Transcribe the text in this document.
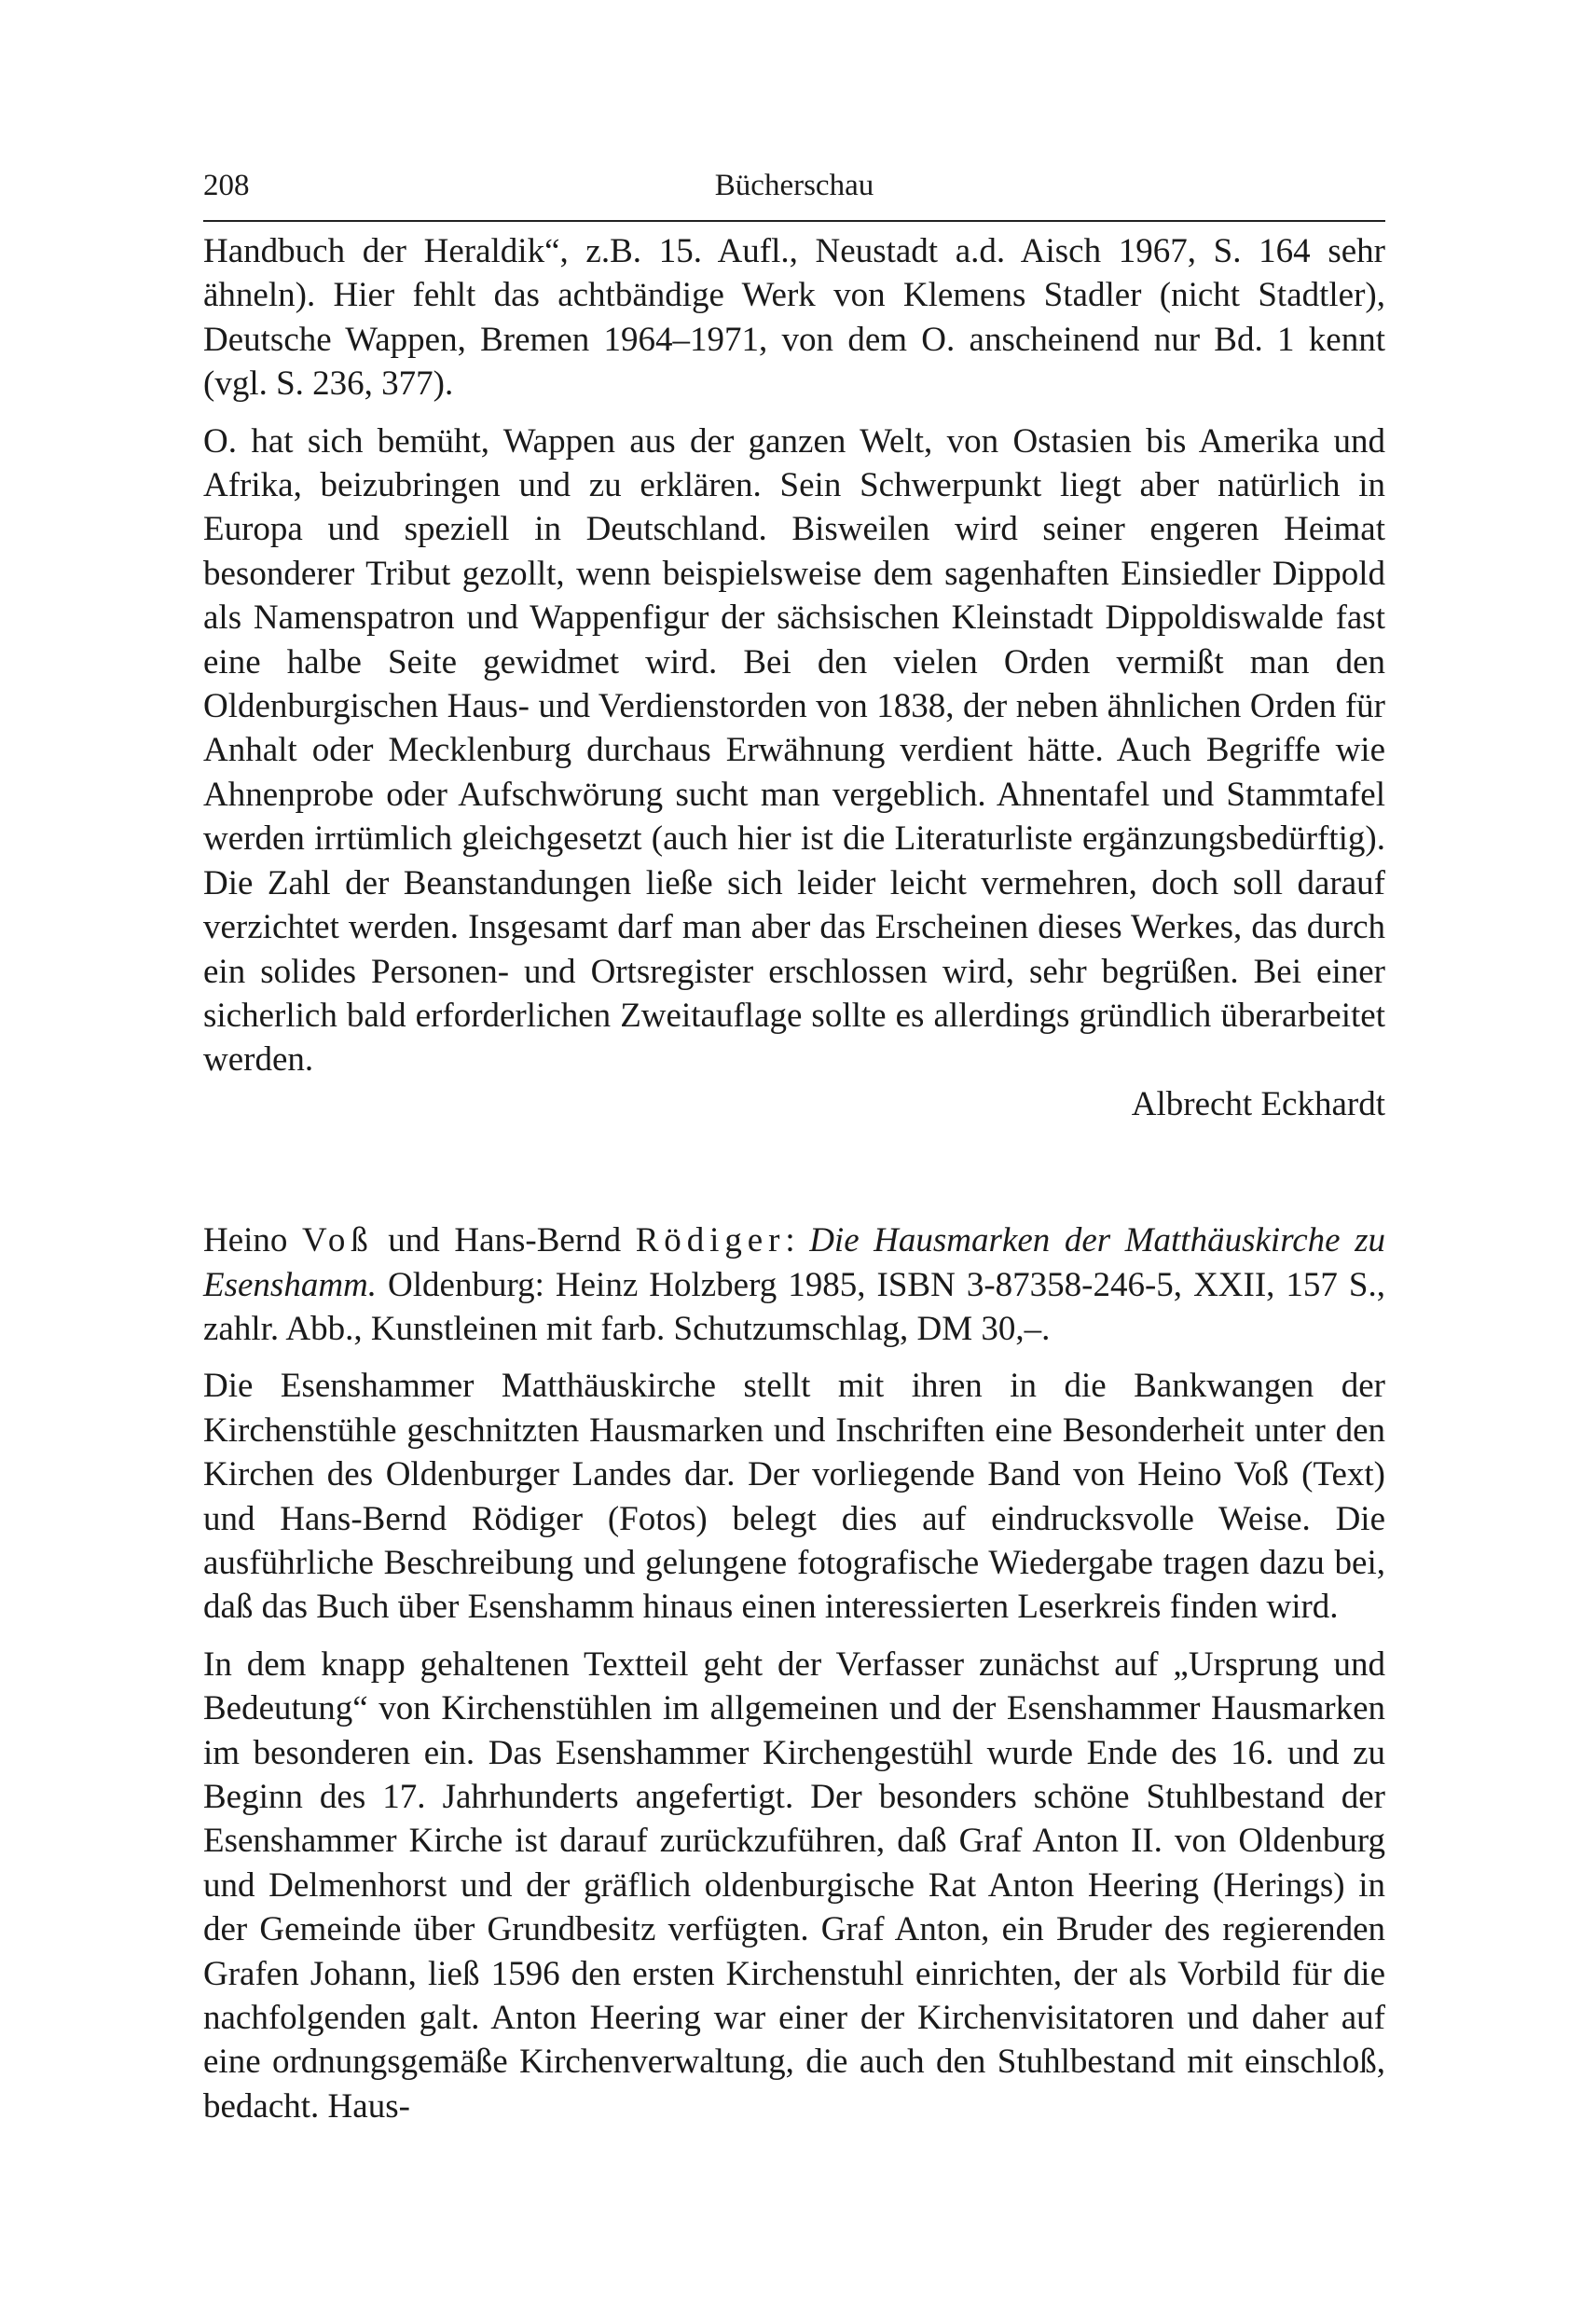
208	Bücherschau

Handbuch der Heraldik“, z.B. 15. Aufl., Neustadt a.d. Aisch 1967, S. 164 sehr ähneln). Hier fehlt das achtbändige Werk von Klemens Stadler (nicht Stadtler), Deutsche Wappen, Bremen 1964–1971, von dem O. anscheinend nur Bd. 1 kennt (vgl. S. 236, 377).

O. hat sich bemüht, Wappen aus der ganzen Welt, von Ostasien bis Amerika und Afrika, beizubringen und zu erklären. Sein Schwerpunkt liegt aber natürlich in Europa und speziell in Deutschland. Bisweilen wird seiner engeren Heimat besonderer Tribut gezollt, wenn beispielsweise dem sagenhaften Einsiedler Dippold als Namenspatron und Wappenfigur der sächsischen Kleinstadt Dippoldiswalde fast eine halbe Seite gewidmet wird. Bei den vielen Orden vermißt man den Oldenburgischen Haus- und Verdienstorden von 1838, der neben ähnlichen Orden für Anhalt oder Mecklenburg durchaus Erwähnung verdient hätte. Auch Begriffe wie Ahnenprobe oder Aufschwörung sucht man vergeblich. Ahnentafel und Stammtafel werden irrtümlich gleichgesetzt (auch hier ist die Literaturliste ergänzungsbedürftig). Die Zahl der Beanstandungen ließe sich leider leicht vermehren, doch soll darauf verzichtet werden. Insgesamt darf man aber das Erscheinen dieses Werkes, das durch ein solides Personen- und Ortsregister erschlossen wird, sehr begrüßen. Bei einer sicherlich bald erforderlichen Zweitauflage sollte es allerdings gründlich überarbeitet werden.

Albrecht Eckhardt

Heino Voß und Hans-Bernd Rödiger: Die Hausmarken der Matthäuskirche zu Esenshamm. Oldenburg: Heinz Holzberg 1985, ISBN 3-87358-246-5, XXII, 157 S., zahlr. Abb., Kunstleinen mit farb. Schutzumschlag, DM 30,–.

Die Esenshammer Matthäuskirche stellt mit ihren in die Bankwangen der Kirchenstühle geschnitzten Hausmarken und Inschriften eine Besonderheit unter den Kirchen des Oldenburger Landes dar. Der vorliegende Band von Heino Voß (Text) und Hans-Bernd Rödiger (Fotos) belegt dies auf eindrucksvolle Weise. Die ausführliche Beschreibung und gelungene fotografische Wiedergabe tragen dazu bei, daß das Buch über Esenshamm hinaus einen interessierten Leserkreis finden wird.

In dem knapp gehaltenen Textteil geht der Verfasser zunächst auf „Ursprung und Bedeutung“ von Kirchenstühlen im allgemeinen und der Esenshammer Hausmarken im besonderen ein. Das Esenshammer Kirchengestühl wurde Ende des 16. und zu Beginn des 17. Jahrhunderts angefertigt. Der besonders schöne Stuhlbestand der Esenshammer Kirche ist darauf zurückzuführen, daß Graf Anton II. von Oldenburg und Delmenhorst und der gräflich oldenburgische Rat Anton Heering (Herings) in der Gemeinde über Grundbesitz verfügten. Graf Anton, ein Bruder des regierenden Grafen Johann, ließ 1596 den ersten Kirchenstuhl einrichten, der als Vorbild für die nachfolgenden galt. Anton Heering war einer der Kirchenvisitatoren und daher auf eine ordnungsgemäße Kirchenverwaltung, die auch den Stuhlbestand mit einschloß, bedacht. Haus-
